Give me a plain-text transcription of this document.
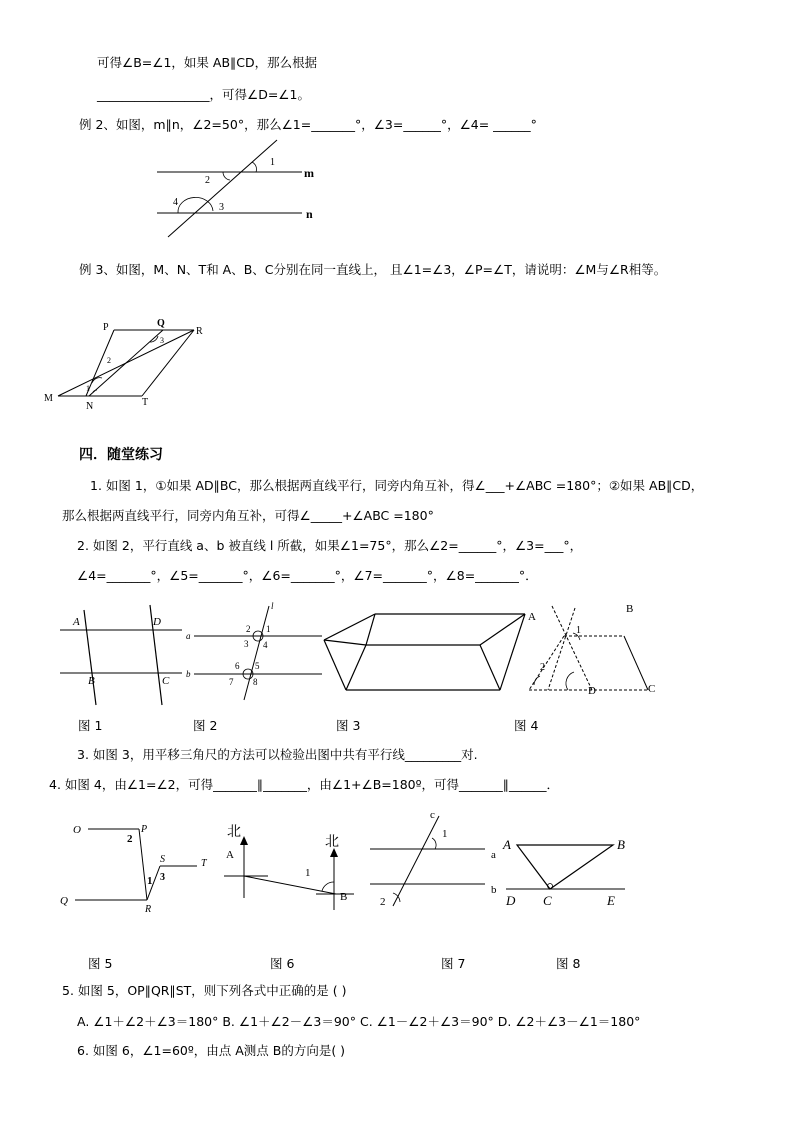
可得∠B=∠1，如果 AB∥CD，那么根据
__________________，可得∠D=∠1。
例 2、如图，m∥n，∠2=50°，那么∠1=_______°，∠3=______°，∠4= ______°
m
n
1
2
3
4
例 3、如图，M、N、T和 A、B、C分别在同一直线上， 且∠1=∠3，∠P=∠T，请说明：∠M与∠R相等。
P	Q
R
M
N	T
2
1
3
四．随堂练习
1. 如图 1，①如果 AD∥BC，那么根据两直线平行，同旁内角互补，得∠___+∠ABC =180°；②如果 AB∥CD，
那么根据两直线平行，同旁内角互补，可得∠_____+∠ABC =180°
2. 如图 2，平行直线 a、b 被直线 l 所截，如果∠1=75°，那么∠2=______°，∠3=___°，
∠4=_______°，∠5=_______°，∠6=_______°，∠7=_______°，∠8=_______°．
A	D
B	C
l
a
b
2 1
3 4
6 5
7 8
A
B
1
2
D	C
图 1	图 2	图 3	图 4
3. 如图 3，用平移三角尺的方法可以检验出图中共有平行线_________对.
4. 如图 4，由∠1=∠2，可得_______∥_______，由∠1+∠B=180º，可得_______∥______．
O	P
2
S	T
1 3
Q
R
北
北
A
1
B
c
1
a
b
2
A	B
D C	E
图 5	图 6	图 7	图 8
5. 如图 5，OP∥QR∥ST，则下列各式中正确的是 ( )
A. ∠1＋∠2＋∠3＝180° B. ∠1＋∠2－∠3＝90° C. ∠1－∠2＋∠3＝90° D. ∠2＋∠3－∠1＝180°
6. 如图 6，∠1=60º，由点 A测点 B的方向是( )
